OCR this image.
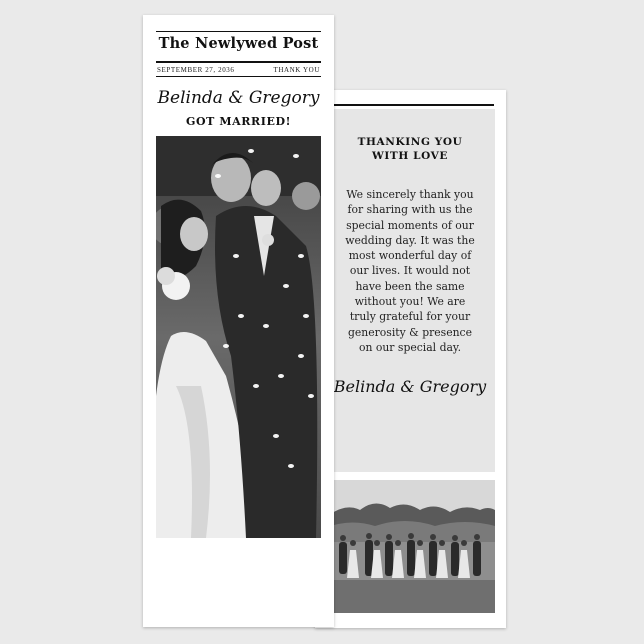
THANKING YOU
WITH LOVE
We sincerely thank you
for sharing with us the
special moments of our
wedding day. It was the
most wonderful day of
our lives. It would not
have been the same
without you! We are
truly grateful for your
generosity & presence
on our special day.
Belinda & Gregory
The Newlywed Post
SEPTEMBER 27, 2036	THANK YOU
Belinda & Gregory
GOT MARRIED!
